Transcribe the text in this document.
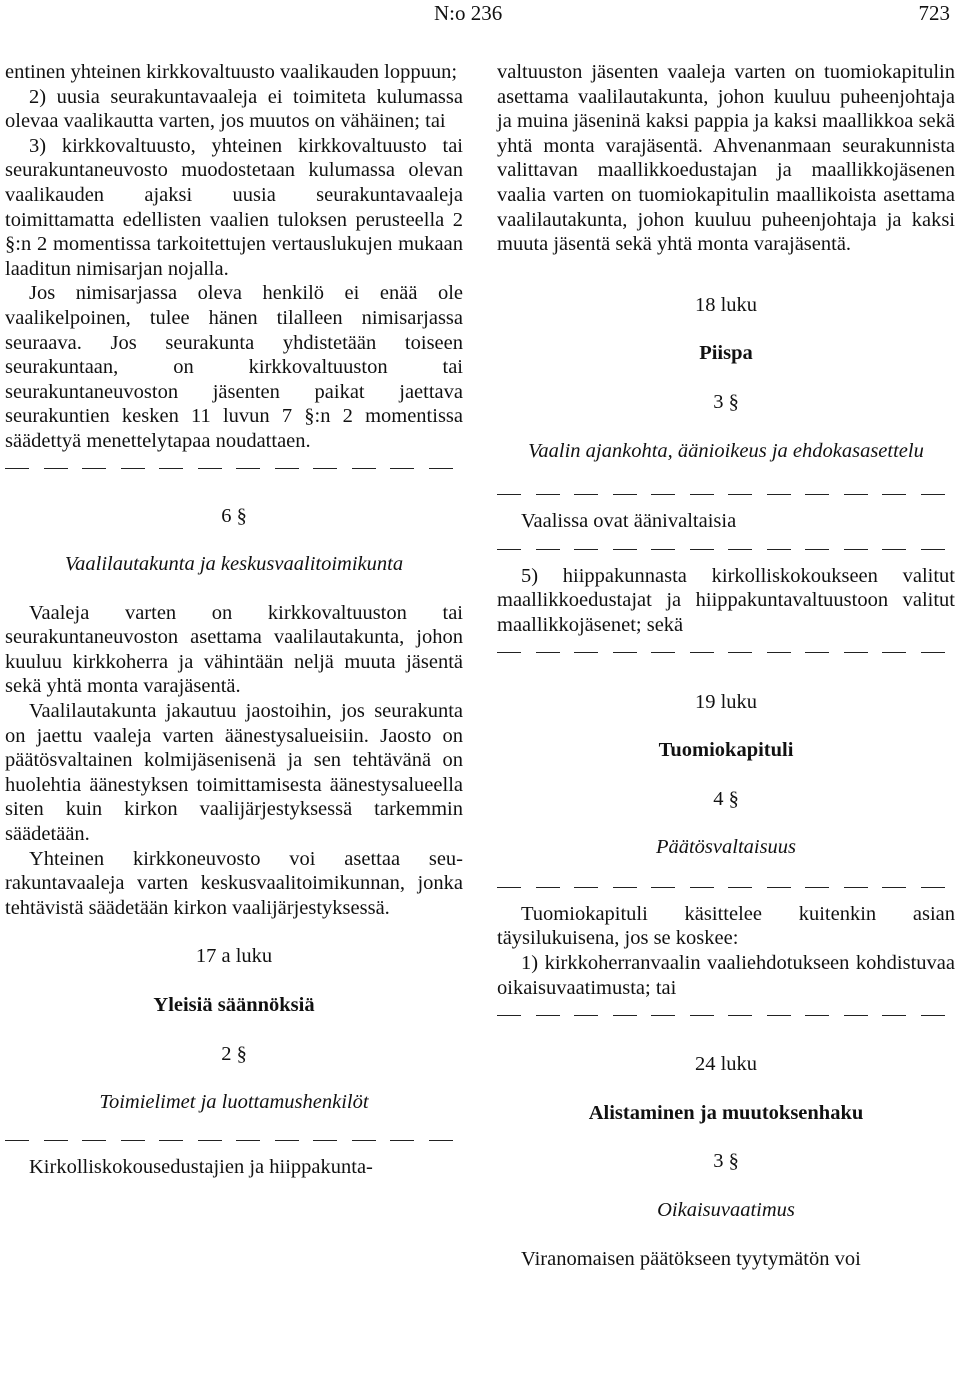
N:o 236	723

entinen yhteinen kirkkovaltuusto vaalikauden loppuun;

2) uusia seurakuntavaaleja ei toimiteta kulumassa olevaa vaalikautta varten, jos muutos on vähäinen; tai

3) kirkkovaltuusto, yhteinen kirkkovaltuusto tai seurakuntaneuvosto muodostetaan kulumassa olevan vaalikauden ajaksi uusia seurakuntavaaleja toimittamatta edellisten vaalien tuloksen perusteella 2 §:n 2 momentissa tarkoitettujen vertauslukujen mukaan laaditun nimisarjan nojalla.

Jos nimisarjassa oleva henkilö ei enää ole vaalikelpoinen, tulee hänen tilalleen nimisarjassa seuraava. Jos seurakunta yhdistetään toiseen seurakuntaan, on kirkkovaltuuston tai seurakuntaneuvoston jäsenten paikat jaettava seurakuntien kesken 11 luvun 7 §:n 2 momentissa säädettyä menettelytapaa noudattaen.

6 §

Vaalilautakunta ja keskusvaalitoimikunta

Vaaleja varten on kirkkovaltuuston tai seurakuntaneuvoston asettama vaalilautakunta, johon kuuluu kirkkoherra ja vähintään neljä muuta jäsentä sekä yhtä monta varajäsentä.

Vaalilautakunta jakautuu jaostoihin, jos seurakunta on jaettu vaaleja varten äänestysalueisiin. Jaosto on päätösvaltainen kolmijäsenisenä ja sen tehtävänä on huolehtia äänestyksen toimittamisesta äänestysalueella siten kuin kirkon vaalijärjestyksessä tarkemmin säädetään.

Yhteinen kirkkoneuvosto voi asettaa seurakuntavaaleja varten keskusvaalitoimikunnan, jonka tehtävistä säädetään kirkon vaalijärjestyksessä.

17 a luku

Yleisiä säännöksiä

2 §

Toimielimet ja luottamushenkilöt

Kirkolliskokousedustajien ja hiippakunta-

valtuuston jäsenten vaaleja varten on tuomiokapitulin asettama vaalilautakunta, johon kuuluu puheenjohtaja ja muina jäseninä kaksi pappia ja kaksi maallikkoa sekä yhtä monta varajäsentä. Ahvenanmaan seurakunnista valittavan maallikkoedustajan ja maallikkojäsenen vaalia varten on tuomiokapitulin maallikoista asettama vaalilautakunta, johon kuuluu puheenjohtaja ja kaksi muuta jäsentä sekä yhtä monta varajäsentä.

18 luku

Piispa

3 §

Vaalin ajankohta, äänioikeus ja ehdokasasettelu

Vaalissa ovat äänivaltaisia

5) hiippakunnasta kirkolliskokoukseen valitut maallikkoedustajat ja hiippakuntavaltuustoon valitut maallikkojäsenet; sekä

19 luku

Tuomiokapituli

4 §

Päätösvaltaisuus

Tuomiokapituli käsittelee kuitenkin asian täysilukuisena, jos se koskee:

1) kirkkoherranvaalin vaaliehdotukseen kohdistuvaa oikaisuvaatimusta; tai

24 luku

Alistaminen ja muutoksenhaku

3 §

Oikaisuvaatimus

Viranomaisen päätökseen tyytymätön voi
